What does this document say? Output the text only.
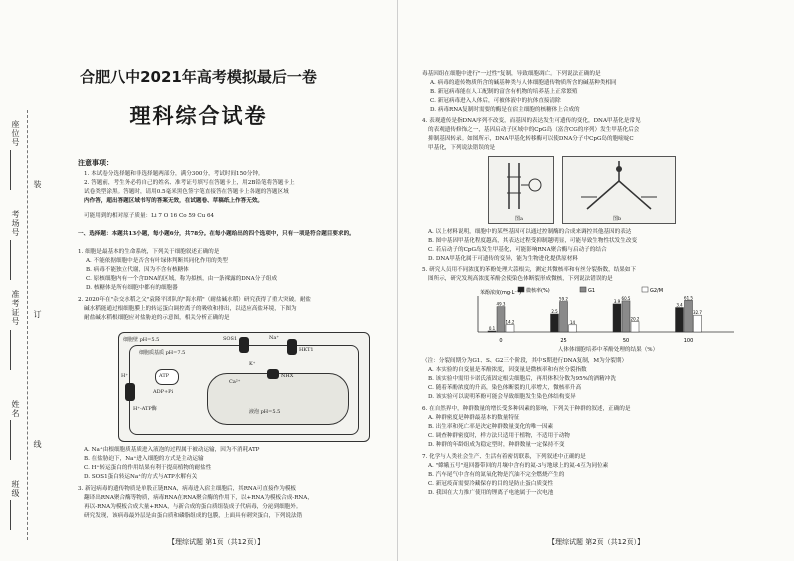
座位号
考场号
准考证号
姓名
班级
装
订
线
合肥八中2021年高考模拟最后一卷
理科综合试卷
注意事项：
1. 本试卷分选择题和非选择题两部分，满分300分，考试时间150分钟。
2. 答题前，考生务必将自己的姓名、准考证号填写在答题卡上，用2B铅笔将答题卡上
试卷类型涂黑。答题时，请用0.5毫米黑色签字笔直接答在答题卡上各题的答题区域
内作答，超出答题区域书写的答案无效，在试题卷、草稿纸上作答无效。
可能用到的相对原子质量：Li 7 O 16 Co 59 Cu 64
一、选择题：本题共13小题，每小题6分，共78分。在每小题给出的四个选项中，只有一项是符合题目要求的。
1. 细胞是最基本的生命系统，下列关于细胞叙述正确的是
A. 不能依据细胞中是否含有叶绿体判断其同化作用的类型
B. 病毒不能独立代谢，因为不含有核糖体
C. 原核细胞内有一个含DNA的区域，称为拟核，由一条裸露的DNA分子组成
D. 核糖体是所有细胞中都有的细胞器
2. 2020年在"杂交水稻之父"袁隆平团队的"海水稻"（耐盐碱水稻）研究获得了重大突破。耐盐
碱水稻能通过根细胞膜上的转运蛋白调控离子的吸收和排出，以适应高盐环境，下图为
耐盐碱水稻根细胞应对盐胁迫的示意图，相关分析正确的是
细胞壁 pH=5.5
细胞质基质 pH=7.5
液泡 pH=5.5
ATP
ADP+Pi
H⁺-ATP酶
SOS1
HKT1
NHX
Na⁺
H⁺
K⁺
Ca²⁺
A. Na⁺由根细胞质基质进入液泡的过程属于被动运输，因为不消耗ATP
B. 在盐胁迫下，Na⁺进入细胞的方式是主动运输
C. H⁺转运蛋白的作用结果有利于提高植物的耐盐性
D. SOS1蛋白转运Na⁺的方式与ATP水解有关
3. 新冠病毒的遗传物质是单股正链RNA，病毒进入宿主细胞后，其RNA可直接作为模板
翻译出RNA聚合酶等物质，病毒RNA在RNA聚合酶的作用下，以+RNA为模板合成-RNA，
再以-RNA为模板合成大量+RNA，与新合成的蛋白质组装成子代病毒，分泌到细胞外。
研究发现，该病毒最外层是由蛋白质和磷脂组成的包膜，上面具有刺突蛋白，下列说法错
【理综试题 第1页（共12页）】
毒基因组在细胞中进行"一过性"复制，导致细胞凋亡。下列说法正确的是
A. 病毒的遗传物质所含的碱基种类与人体细胞遗传物质所含的碱基种类相同
B. 新冠病毒能在人工配制的富含有机物的培养基上正常繁殖
C. 新冠病毒进入人体后，可被体液中的抗体直接清除
D. 病毒RNA复制时需要的酶是在宿主细胞的核糖体上合成的
4. 表观遗传是指DNA序列不改变，而基因的表达发生可遗传的变化，DNA甲基化是常见
的表观遗传修饰之一，基因启动子区域中的CpG岛（富含CG的序列）发生甲基化后会
抑制基因转录。如图所示，DNA甲基化转移酶可以使DNA分子中CpG岛的胞嘧啶C
甲基化，下列说法错误的是
图a	图b
A. 以上材料说明，细胞中的某些基因可以通过控制酶的合成来调控其他基因的表达
B. 图中基因甲基化程度越高，其表达过程受抑制越明显，可能导致生物性状发生改变
C. 若启动子的CpG岛发生甲基化，可能影响RNA聚合酶与启动子的结合
D. DNA甲基化属于可遗传的变异，能为生物进化提供原材料
5. 研究人员用不同浓度的苯酚处理大蒜根尖，测定其微核率和有丝分裂指数，结果如下
图所示，研究发现高浓度苯酚会使染色体断裂形成微核，下列说法错误的是
微核率(%)	G1	G2/M
0.1
49.3
14.2
0
2.5
59.2
14
25
3.9
60.5
20.2
50
3.4
61.5
32.7
100
苯酚浓度(mg·L⁻¹)
人体体细胞培养中苯酚处理的结果（%）
（注：分裂间期分为G1、S、G2三个阶段，其中S期进行DNA复制，M为分裂期）
A. 本实验的自变量是苯酚浓度，因变量是微核率和有丝分裂指数
B. 该实验中需用卡诺氏液固定根尖细胞后，再用体积分数为95%的酒精冲洗
C. 随着苯酚浓度的升高，染色体断裂的几率增大，微核率升高
D. 该实验可以说明苯酚可能会导致细胞发生染色体结构变异
6. 在自然界中，种群数量的增长受多种因素的影响，下列关于种群的叙述，正确的是
A. 种群密度是种群最基本的数量特征
B. 出生率和死亡率是决定种群数量变化的唯一因素
C. 调查种群密度时，样方法只适用于植物，不适用于动物
D. 种群的年龄组成为稳定型时，种群数量一定保持不变
7. 化学与人类社会生产、生活有着密切联系，下列叙述中正确的是
A. "嫦娥五号"返回器带回的月壤中含有的氦-3与地球上的氦-4互为同位素
B. 汽车尾气中含有的氮氧化物是汽油不完全燃烧产生的
C. 新冠疫苗需要冷藏保存的目的是防止蛋白质变性
D. 我国在大力推广使用的锂离子电池属于一次电池
【理综试题 第2页（共12页）】
